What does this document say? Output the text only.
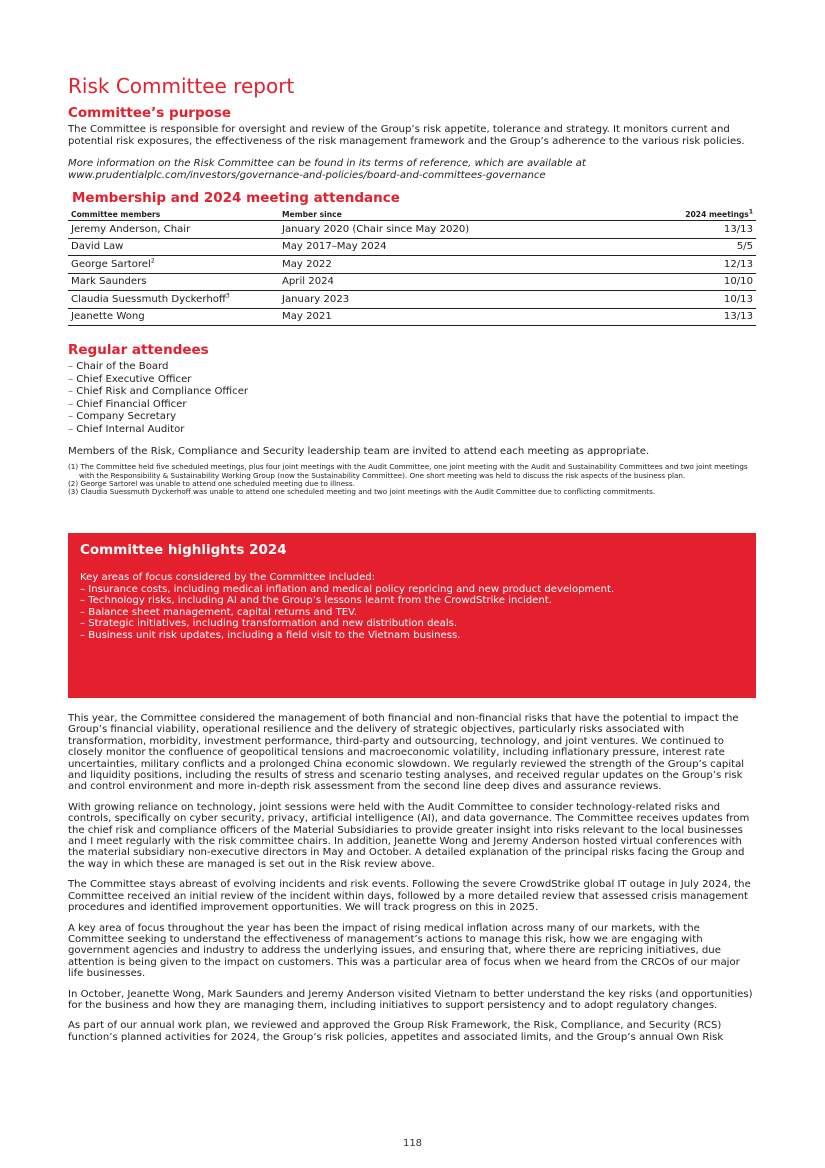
Risk Committee report
Committee’s purpose

The Committee is responsible for oversight and review of the Group’s risk appetite, tolerance and strategy. It monitors current and potential risk exposures, the effectiveness of the risk management framework and the Group’s adherence to the various risk policies.

More information on the Risk Committee can be found in its terms of reference, which are available at www.prudentialplc.com/investors/governance-and-policies/board-and-committees-governance

Membership and 2024 meeting attendance
Committee members	Member since	2024 meetings$^1$
Jeremy Anderson, Chair	January 2020 (Chair since May 2020)	13/13
David Law	May 2017–May 2024	5/5
George Sartorel$^2$	May 2022	12/13
Mark Saunders	April 2024	10/10
Claudia Suessmuth Dyckerhoff$^3$	January 2023	10/13
Jeanette Wong	May 2021	13/13
Regular attendees
– Chair of the Board
– Chief Executive Officer
– Chief Risk and Compliance Officer
– Chief Financial Officer
– Company Secretary
– Chief Internal Auditor

Members of the Risk, Compliance and Security leadership team are invited to attend each meeting as appropriate.

(1) The Committee held five scheduled meetings, plus four joint meetings with the Audit Committee, one joint meeting with the Audit and Sustainability Committees and two joint meetings with the Responsibility & Sustainability Working Group (now the Sustainability Committee). One short meeting was held to discuss the risk aspects of the business plan.
(2) George Sartorel was unable to attend one scheduled meeting due to illness.
(3) Claudia Suessmuth Dyckerhoff was unable to attend one scheduled meeting and two joint meetings with the Audit Committee due to conflicting commitments.
Committee highlights 2024

Key areas of focus considered by the Committee included:

– Insurance costs, including medical inflation and medical policy repricing and new product development.
– Technology risks, including AI and the Group’s lessons learnt from the CrowdStrike incident.
– Balance sheet management, capital returns and TEV.
– Strategic initiatives, including transformation and new distribution deals.
– Business unit risk updates, including a field visit to the Vietnam business.

This year, the Committee considered the management of both financial and non-financial risks that have the potential to impact the Group’s financial viability, operational resilience and the delivery of strategic objectives, particularly risks associated with transformation, morbidity, investment performance, third-party and outsourcing, technology, and joint ventures. We continued to closely monitor the confluence of geopolitical tensions and macroeconomic volatility, including inflationary pressure, interest rate uncertainties, military conflicts and a prolonged China economic slowdown. We regularly reviewed the strength of the Group’s capital and liquidity positions, including the results of stress and scenario testing analyses, and received regular updates on the Group’s risk and control environment and more in-depth risk assessment from the second line deep dives and assurance reviews.

With growing reliance on technology, joint sessions were held with the Audit Committee to consider technology-related risks and controls, specifically on cyber security, privacy, artificial intelligence (AI), and data governance. The Committee receives updates from the chief risk and compliance officers of the Material Subsidiaries to provide greater insight into risks relevant to the local businesses and I meet regularly with the risk committee chairs. In addition, Jeanette Wong and Jeremy Anderson hosted virtual conferences with the material subsidiary non-executive directors in May and October. A detailed explanation of the principal risks facing the Group and the way in which these are managed is set out in the Risk review above.

The Committee stays abreast of evolving incidents and risk events. Following the severe CrowdStrike global IT outage in July 2024, the Committee received an initial review of the incident within days, followed by a more detailed review that assessed crisis management procedures and identified improvement opportunities. We will track progress on this in 2025.

A key area of focus throughout the year has been the impact of rising medical inflation across many of our markets, with the Committee seeking to understand the effectiveness of management’s actions to manage this risk, how we are engaging with government agencies and industry to address the underlying issues, and ensuring that, where there are repricing initiatives, due attention is being given to the impact on customers. This was a particular area of focus when we heard from the CRCOs of our major life businesses.

In October, Jeanette Wong, Mark Saunders and Jeremy Anderson visited Vietnam to better understand the key risks (and opportunities) for the business and how they are managing them, including initiatives to support persistency and to adopt regulatory changes.

As part of our annual work plan, we reviewed and approved the Group Risk Framework, the Risk, Compliance, and Security (RCS) function’s planned activities for 2024, the Group’s risk policies, appetites and associated limits, and the Group’s annual Own Risk

118
